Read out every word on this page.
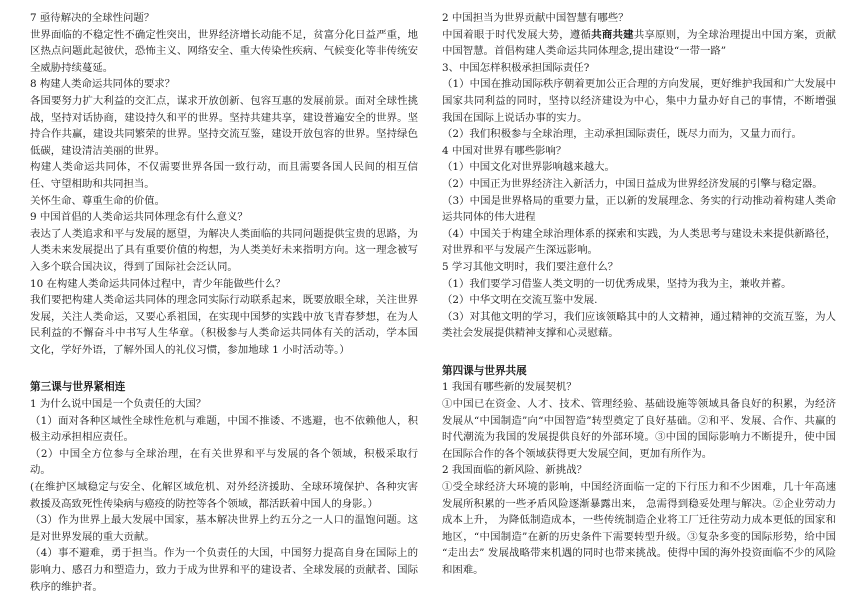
7 亟待解决的全球性问题？

世界面临的不稳定性不确定性突出，世界经济增长动能不足，贫富分化日益严重，地区热点问题此起彼伏，恐怖主义、网络安全、重大传染性疾病、气候变化等非传统安全威胁持续蔓延。

8 构建人类命运共同体的要求？

各国要努力扩大利益的交汇点，谋求开放创新、包容互惠的发展前景。面对全球性挑战，坚持对话协商，建设持久和平的世界。坚持共建共享，建设普遍安全的世界。坚持合作共赢，建设共同繁荣的世界。坚持交流互鉴，建设开放包容的世界。坚持绿色低碳，建设清洁美丽的世界。

构建人类命运共同体，不仅需要世界各国一致行动，而且需要各国人民间的相互信任、守望相助和共同担当。

关怀生命、尊重生命的价值。

9 中国首倡的人类命运共同体理念有什么意义？

表达了人类追求和平与发展的愿望，为解决人类面临的共同问题提供宝贵的思路，为人类未来发展提出了具有重要价值的构想，为人类美好未来指明方向。这一理念被写入多个联合国决议，得到了国际社会泛认同。

10 在构建人类命运共同体过程中，青少年能做些什么？

我们要把构建人类命运共同体的理念同实际行动联系起来，既要放眼全球，关注世界发展，关注人类命运，又要心系祖国，在实现中国梦的实践中放飞青春梦想，在为人民利益的不懈奋斗中书写人生华章。（积极参与人类命运共同体有关的活动，学本国文化，学好外语，了解外国人的礼仪习惯，参加地球 1 小时活动等。）

第三课与世界紧相连

1 为什么说中国是一个负责任的大国？

（1）面对各种区域性全球性危机与难题，中国不推诿、不逃避，也不依赖他人，积极主动承担相应责任。

（2）中国全方位参与全球治理，在有关世界和平与发展的各个领域，积极采取行动。

(在维护区域稳定与安全、化解区域危机、对外经济援助、全球环境保护、各种灾害救援及高致死性传染病与癌疫的防控等各个领域，都活跃着中国人的身影。）

（3）作为世界上最大发展中国家，基本解决世界上约五分之一人口的温饱问题。这是对世界发展的重大贡献。

（4）事不避难，勇于担当。作为一个负责任的大国，中国努力提高自身在国际上的影响力、感召力和塑造力，致力于成为世界和平的建设者、全球发展的贡献者、国际秩序的维护者。

2 中国担当为世界贡献中国智慧有哪些？

中国着眼于时代发展大势，遵循共商共建共享原则，为全球治理提出中国方案，贡献中国智慧。首倡构建人类命运共同体理念,提出建设“一带一路”

3、中国怎样积极承担国际责任?

（1）中国在推动国际秩序朝着更加公正合理的方向发展，更好维护我国和广大发展中国家共同利益的同时，坚持以经济建设为中心，集中力量办好自己的事情，不断增强我国在国际上说话办事的实力。

（2）我们积极参与全球治理，主动承担国际责任，既尽力而为，又量力而行。

4 中国对世界有哪些影响？

（1）中国文化对世界影响越来越大。

（2）中国正为世界经济注入新活力，中国日益成为世界经济发展的引擎与稳定器。

（3）中国是世界格局的重要力量，正以新的发展理念、务实的行动推动着构建人类命运共同体的伟大进程

（4）中国关于构建全球治理体系的探索和实践，为人类思考与建设未来提供新路径，对世界和平与发展产生深远影响。

5 学习其他文明时，我们要注意什么？

（1）我们要学习借鉴人类文明的一切优秀成果，坚持为我为主，兼收并蓄。

（2）中华文明在交流互鉴中发展.

（3）对其他文明的学习，我们应该领略其中的人文精神，通过精神的交流互鉴，为人类社会发展提供精神支撑和心灵慰藉。

第四课与世界共展

1 我国有哪些新的发展契机？

①中国已在资金、人才、技术、管理经验、基础设施等领域具备良好的积累，为经济发展从“中国制造”向“中国智造”转型奠定了良好基础。②和平、发展、合作、共赢的时代潮流为我国的发展提供良好的外部环境。③中国的国际影响力不断提升，使中国在国际合作的各个领域获得更大发展空间，更加有所作为。

2 我国面临的新风险、新挑战？

①受全球经济大环境的影响，中国经济面临一定的下行压力和不少困难，几十年高速发展所积累的一些矛盾风险逐渐暴露出来， 急需得到稳妥处理与解决。②企业劳动力成本上升， 为降低制造成本，一些传统制造企业将工厂迁往劳动力成本更低的国家和地区，“中国制造”在新的历史条件下需要转型升级。③复杂多变的国际形势，给中国 “走出去” 发展战略带来机遇的同时也带来挑战。使得中国的海外投资面临不少的风险和困难。
